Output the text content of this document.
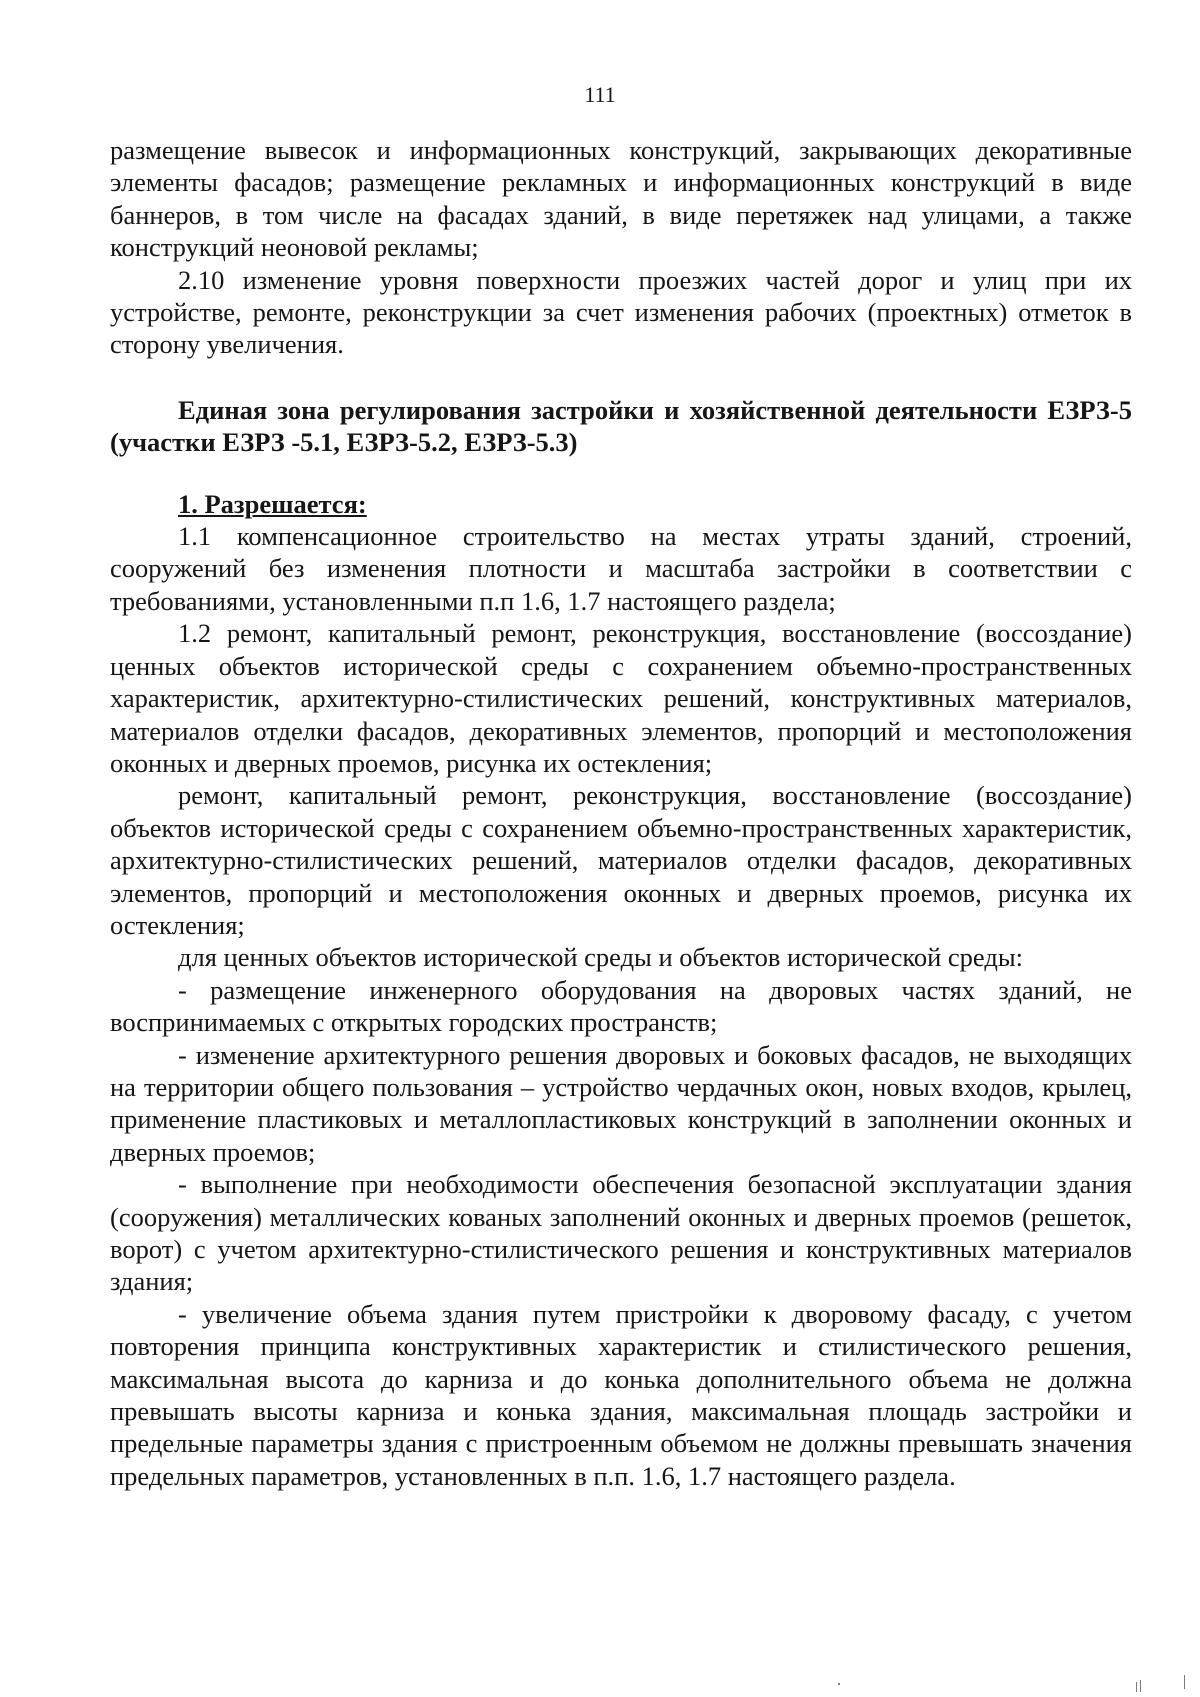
111

размещение вывесок и информационных конструкций, закрывающих декоративные элементы фасадов; размещение рекламных и информационных конструкций в виде баннеров, в том числе на фасадах зданий, в виде перетяжек над улицами, а также конструкций неоновой рекламы;

2.10 изменение уровня поверхности проезжих частей дорог и улиц при их устройстве, ремонте, реконструкции за счет изменения рабочих (проектных) отметок в сторону увеличения.

Единая зона регулирования застройки и хозяйственной деятельности ЕЗРЗ-5 (участки ЕЗРЗ -5.1, ЕЗРЗ-5.2, ЕЗРЗ-5.3)

1. Разрешается:

1.1 компенсационное строительство на местах утраты зданий, строений, сооружений без изменения плотности и масштаба застройки в соответствии с требованиями, установленными п.п 1.6, 1.7 настоящего раздела;

1.2 ремонт, капитальный ремонт, реконструкция, восстановление (воссоздание) ценных объектов исторической среды с сохранением объемно-пространственных характеристик, архитектурно-стилистических решений, конструктивных материалов, материалов отделки фасадов, декоративных элементов, пропорций и местоположения оконных и дверных проемов, рисунка их остекления;

ремонт, капитальный ремонт, реконструкция, восстановление (воссоздание) объектов исторической среды с сохранением объемно-пространственных характеристик, архитектурно-стилистических решений, материалов отделки фасадов, декоративных элементов, пропорций и местоположения оконных и дверных проемов, рисунка их остекления;

для ценных объектов исторической среды и объектов исторической среды:

- размещение инженерного оборудования на дворовых частях зданий, не воспринимаемых с открытых городских пространств;

- изменение архитектурного решения дворовых и боковых фасадов, не выходящих на территории общего пользования – устройство чердачных окон, новых входов, крылец, применение пластиковых и металлопластиковых конструкций в заполнении оконных и дверных проемов;

- выполнение при необходимости обеспечения безопасной эксплуатации здания (сооружения) металлических кованых заполнений оконных и дверных проемов (решеток, ворот) с учетом архитектурно-стилистического решения и конструктивных материалов здания;

- увеличение объема здания путем пристройки к дворовому фасаду, с учетом повторения принципа конструктивных характеристик и стилистического решения, максимальная высота до карниза и до конька дополнительного объема не должна превышать высоты карниза и конька здания, максимальная площадь застройки и предельные параметры здания с пристроенным объемом не должны превышать значения предельных параметров, установленных в п.п. 1.6, 1.7 настоящего раздела.
